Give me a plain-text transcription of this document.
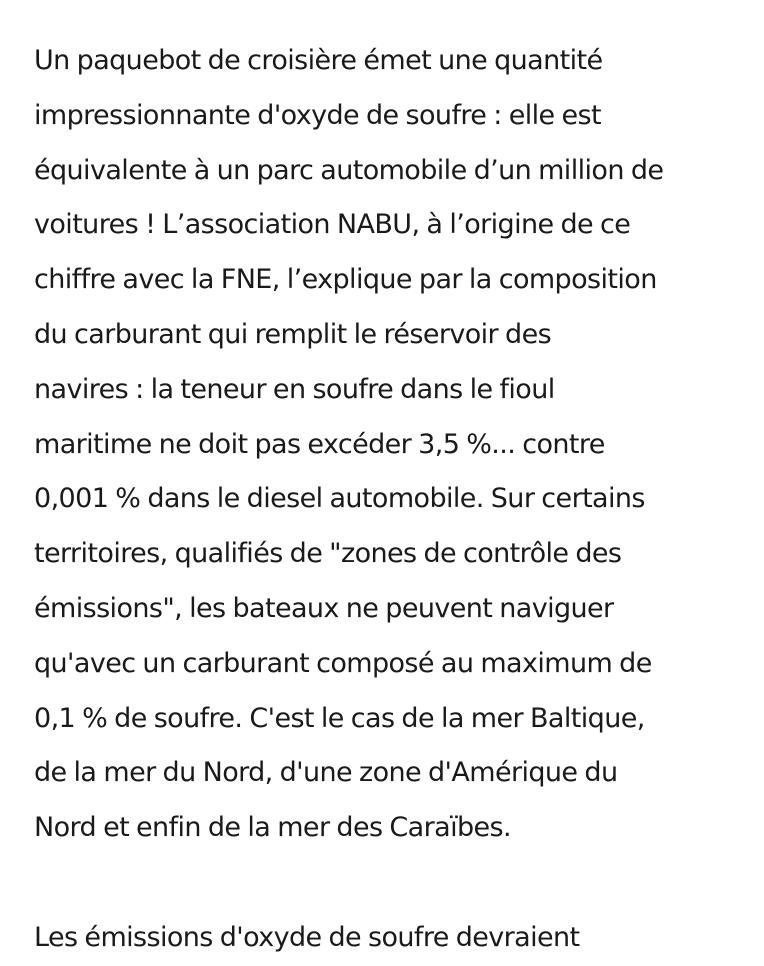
Un paquebot de croisière émet une quantité
impressionnante d'oxyde de soufre : elle est
équivalente à un parc automobile d’un million de
voitures ! L’association NABU, à l’origine de ce
chiffre avec la FNE, l’explique par la composition
du carburant qui remplit le réservoir des
navires : la teneur en soufre dans le fioul
maritime ne doit pas excéder 3,5 %... contre
0,001 % dans le diesel automobile. Sur certains
territoires, qualifiés de "zones de contrôle des
émissions", les bateaux ne peuvent naviguer
qu'avec un carburant composé au maximum de
0,1 % de soufre. C'est le cas de la mer Baltique,
de la mer du Nord, d'une zone d'Amérique du
Nord et enfin de la mer des Caraïbes.

Les émissions d'oxyde de soufre devraient
